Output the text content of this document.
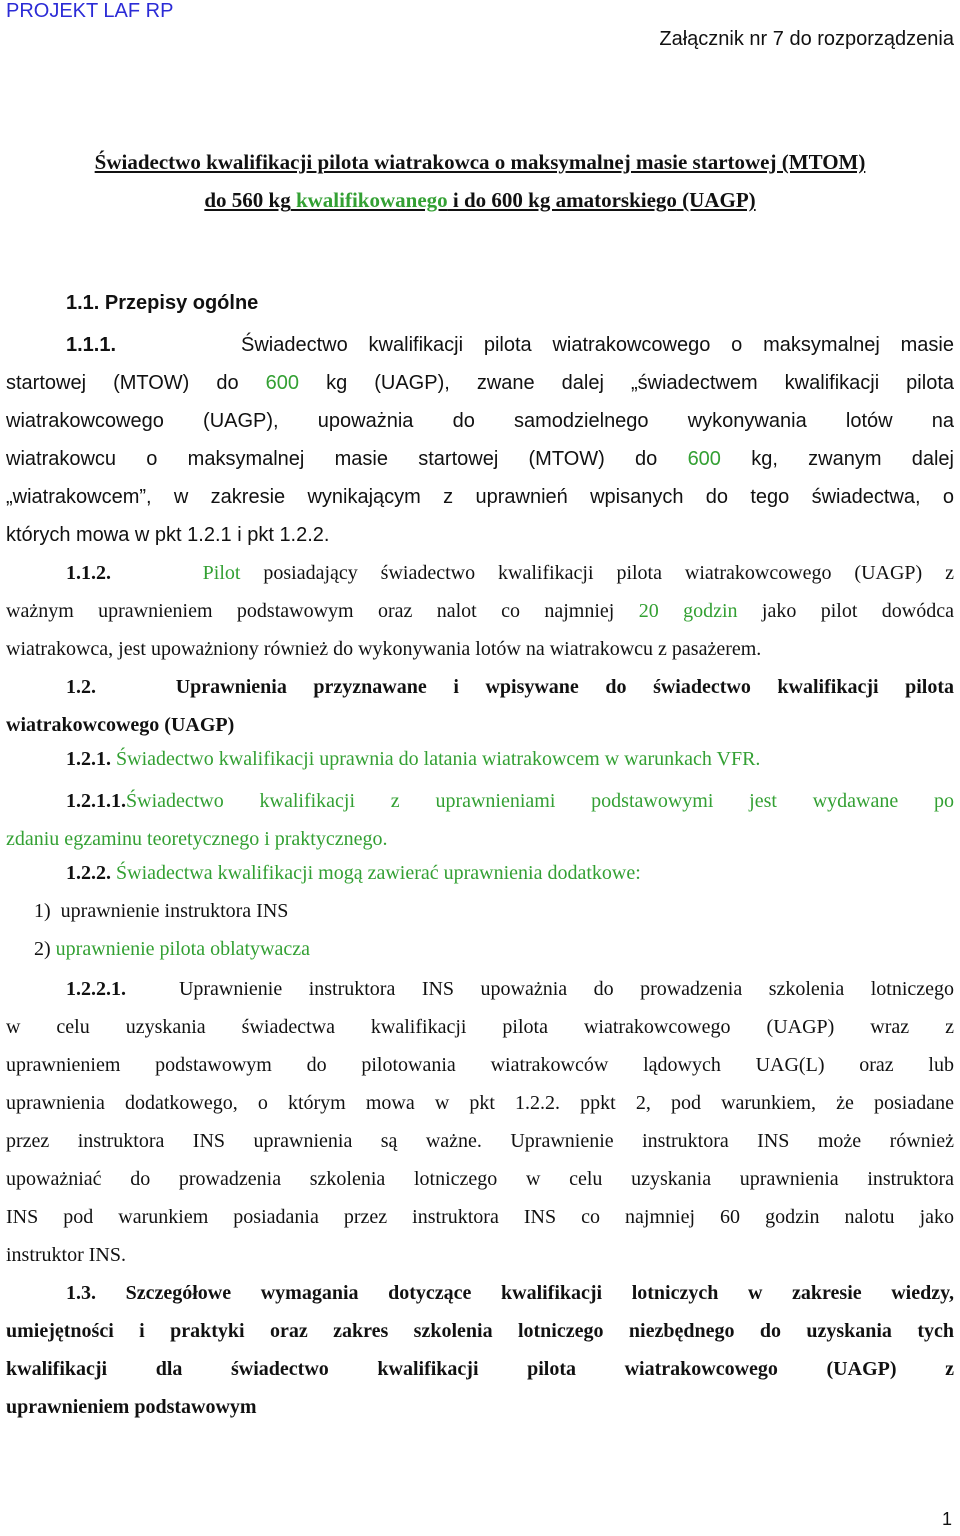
PROJEKT LAF RP
Załącznik nr 7 do rozporządzenia
Świadectwo kwalifikacji pilota wiatrakowca o maksymalnej masie startowej (MTOM)
do 560 kg kwalifikowanego i do 600 kg amatorskiego (UAGP)
1.1. Przepisy ogólne
1.1.1.	Świadectwo kwalifikacji pilota wiatrakowcowego o maksymalnej masie
startowej (MTOW) do 600 kg (UAGP), zwane dalej „świadectwem kwalifikacji pilota
wiatrakowcowego (UAGP), upoważnia do samodzielnego wykonywania lotów na
wiatrakowcu o maksymalnej masie startowej (MTOW) do 600 kg, zwanym dalej
„wiatrakowcem”, w zakresie wynikającym z uprawnień wpisanych do tego świadectwa, o
których mowa w pkt 1.2.1 i pkt 1.2.2.
1.1.2.	Pilot posiadający świadectwo kwalifikacji pilota wiatrakowcowego (UAGP) z
ważnym uprawnieniem podstawowym oraz nalot co najmniej 20 godzin jako pilot dowódca
wiatrakowca, jest upoważniony również do wykonywania lotów na wiatrakowcu z pasażerem.
1.2.	Uprawnienia przyznawane i wpisywane do świadectwo kwalifikacji pilota
wiatrakowcowego (UAGP)
1.2.1. Świadectwo kwalifikacji uprawnia do latania wiatrakowcem w warunkach VFR.
1.2.1.1.Świadectwo kwalifikacji z uprawnieniami podstawowymi jest wydawane po
zdaniu egzaminu teoretycznego i praktycznego.
1.2.2. Świadectwa kwalifikacji mogą zawierać uprawnienia dodatkowe:
1) uprawnienie instruktora INS
2) uprawnienie pilota oblatywacza
1.2.2.1.	Uprawnienie instruktora INS upoważnia do prowadzenia szkolenia lotniczego
w celu uzyskania świadectwa kwalifikacji pilota wiatrakowcowego (UAGP) wraz z
uprawnieniem podstawowym do pilotowania wiatrakowców lądowych UAG(L) oraz lub
uprawnienia dodatkowego, o którym mowa w pkt 1.2.2. ppkt 2, pod warunkiem, że posiadane
przez instruktora INS uprawnienia są ważne. Uprawnienie instruktora INS może również
upoważniać do prowadzenia szkolenia lotniczego w celu uzyskania uprawnienia instruktora
INS pod warunkiem posiadania przez instruktora INS co najmniej 60 godzin nalotu jako
instruktor INS.
1.3. Szczegółowe wymagania dotyczące kwalifikacji lotniczych w zakresie wiedzy,
umiejętności i praktyki oraz zakres szkolenia lotniczego niezbędnego do uzyskania tych
kwalifikacji dla świadectwo kwalifikacji pilota wiatrakowcowego (UAGP) z
uprawnieniem podstawowym
1
